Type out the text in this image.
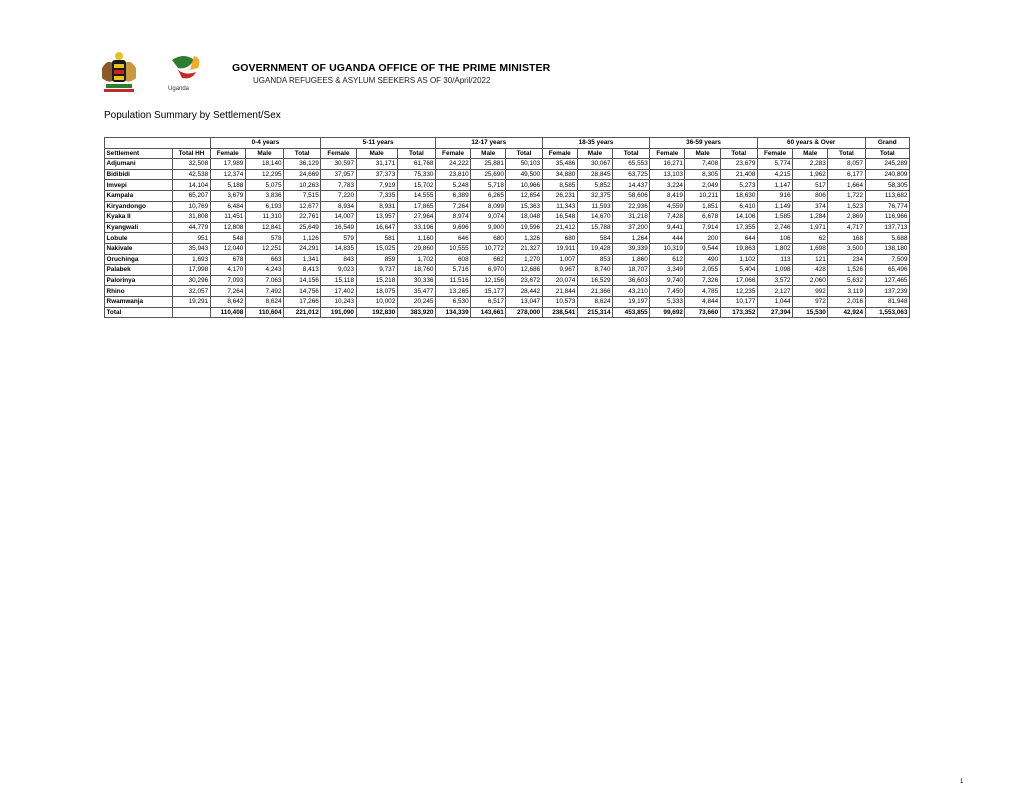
Uganda
GOVERNMENT OF UGANDA OFFICE OF THE PRIME MINISTER
UGANDA REFUGEES & ASYLUM SEEKERS AS OF 30/April/2022
Population Summary by Settlement/Sex
		0-4 years			5-11 years			12-17 years			18-35 years			36-59 years			60 years & Over			Grand
Settlement	Total HH	Female	Male	Total	Female	Male	Total	Female	Male	Total	Female	Male	Total	Female	Male	Total	Female	Male	Total	Total
Adjumani	32,508	17,989	18,140	36,129	30,597	31,171	61,768	24,222	25,881	50,103	35,486	30,067	65,553	16,271	7,408	23,679	5,774	2,283	8,057	245,289
Bidibidi	42,538	12,374	12,295	24,669	37,957	37,373	75,330	23,810	25,690	49,500	34,880	28,845	63,725	13,103	8,305	21,408	4,215	1,962	6,177	240,809
Imvepi	14,104	5,188	5,075	10,263	7,783	7,919	15,702	5,248	5,718	10,966	8,585	5,852	14,437	3,224	2,049	5,273	1,147	517	1,664	58,305
Kampala	65,207	3,679	3,836	7,515	7,220	7,335	14,555	6,389	6,265	12,654	26,231	32,375	58,606	8,419	10,211	18,630	916	806	1,722	113,682
Kiryandongo	10,769	6,484	6,193	12,677	8,934	8,931	17,865	7,264	8,099	15,363	11,343	11,593	22,936	4,559	1,851	6,410	1,149	374	1,523	76,774
Kyaka II	31,808	11,451	11,310	22,761	14,007	13,957	27,964	8,974	9,074	18,048	16,548	14,670	31,218	7,428	6,678	14,106	1,585	1,284	2,869	116,966
Kyangwali	44,779	12,808	12,841	25,649	16,549	16,647	33,196	9,696	9,900	19,596	21,412	15,788	37,200	9,441	7,914	17,355	2,746	1,971	4,717	137,713
Lobule	951	548	578	1,126	579	581	1,160	646	680	1,326	680	584	1,264	444	200	644	106	62	168	5,688
Nakivale	35,943	12,040	12,251	24,291	14,835	15,025	29,860	10,555	10,772	21,327	19,911	19,428	39,339	10,319	9,544	19,863	1,802	1,698	3,500	138,180
Oruchinga	1,693	678	663	1,341	843	859	1,702	608	662	1,270	1,007	853	1,860	612	490	1,102	113	121	234	7,509
Palabek	17,998	4,170	4,243	8,413	9,023	9,737	18,760	5,716	6,970	12,686	9,967	8,740	18,707	3,349	2,055	5,404	1,098	428	1,526	65,496
Palorinya	30,296	7,093	7,063	14,156	15,118	15,218	30,336	11,516	12,156	23,672	20,074	16,529	36,603	9,740	7,326	17,066	3,572	2,060	5,632	127,465
Rhino	32,057	7,264	7,492	14,756	17,402	18,075	35,477	13,265	15,177	28,442	21,844	21,366	43,210	7,450	4,785	12,235	2,127	992	3,119	137,239
Rwamwanja	19,291	8,642	8,624	17,266	10,243	10,002	20,245	6,530	6,517	13,047	10,573	8,624	19,197	5,333	4,844	10,177	1,044	972	2,016	81,948
Total		110,408	110,604	221,012	191,090	192,830	383,920	134,339	143,661	278,000	238,541	215,314	453,855	99,692	73,660	173,352	27,394	15,530	42,924	1,553,063
1
